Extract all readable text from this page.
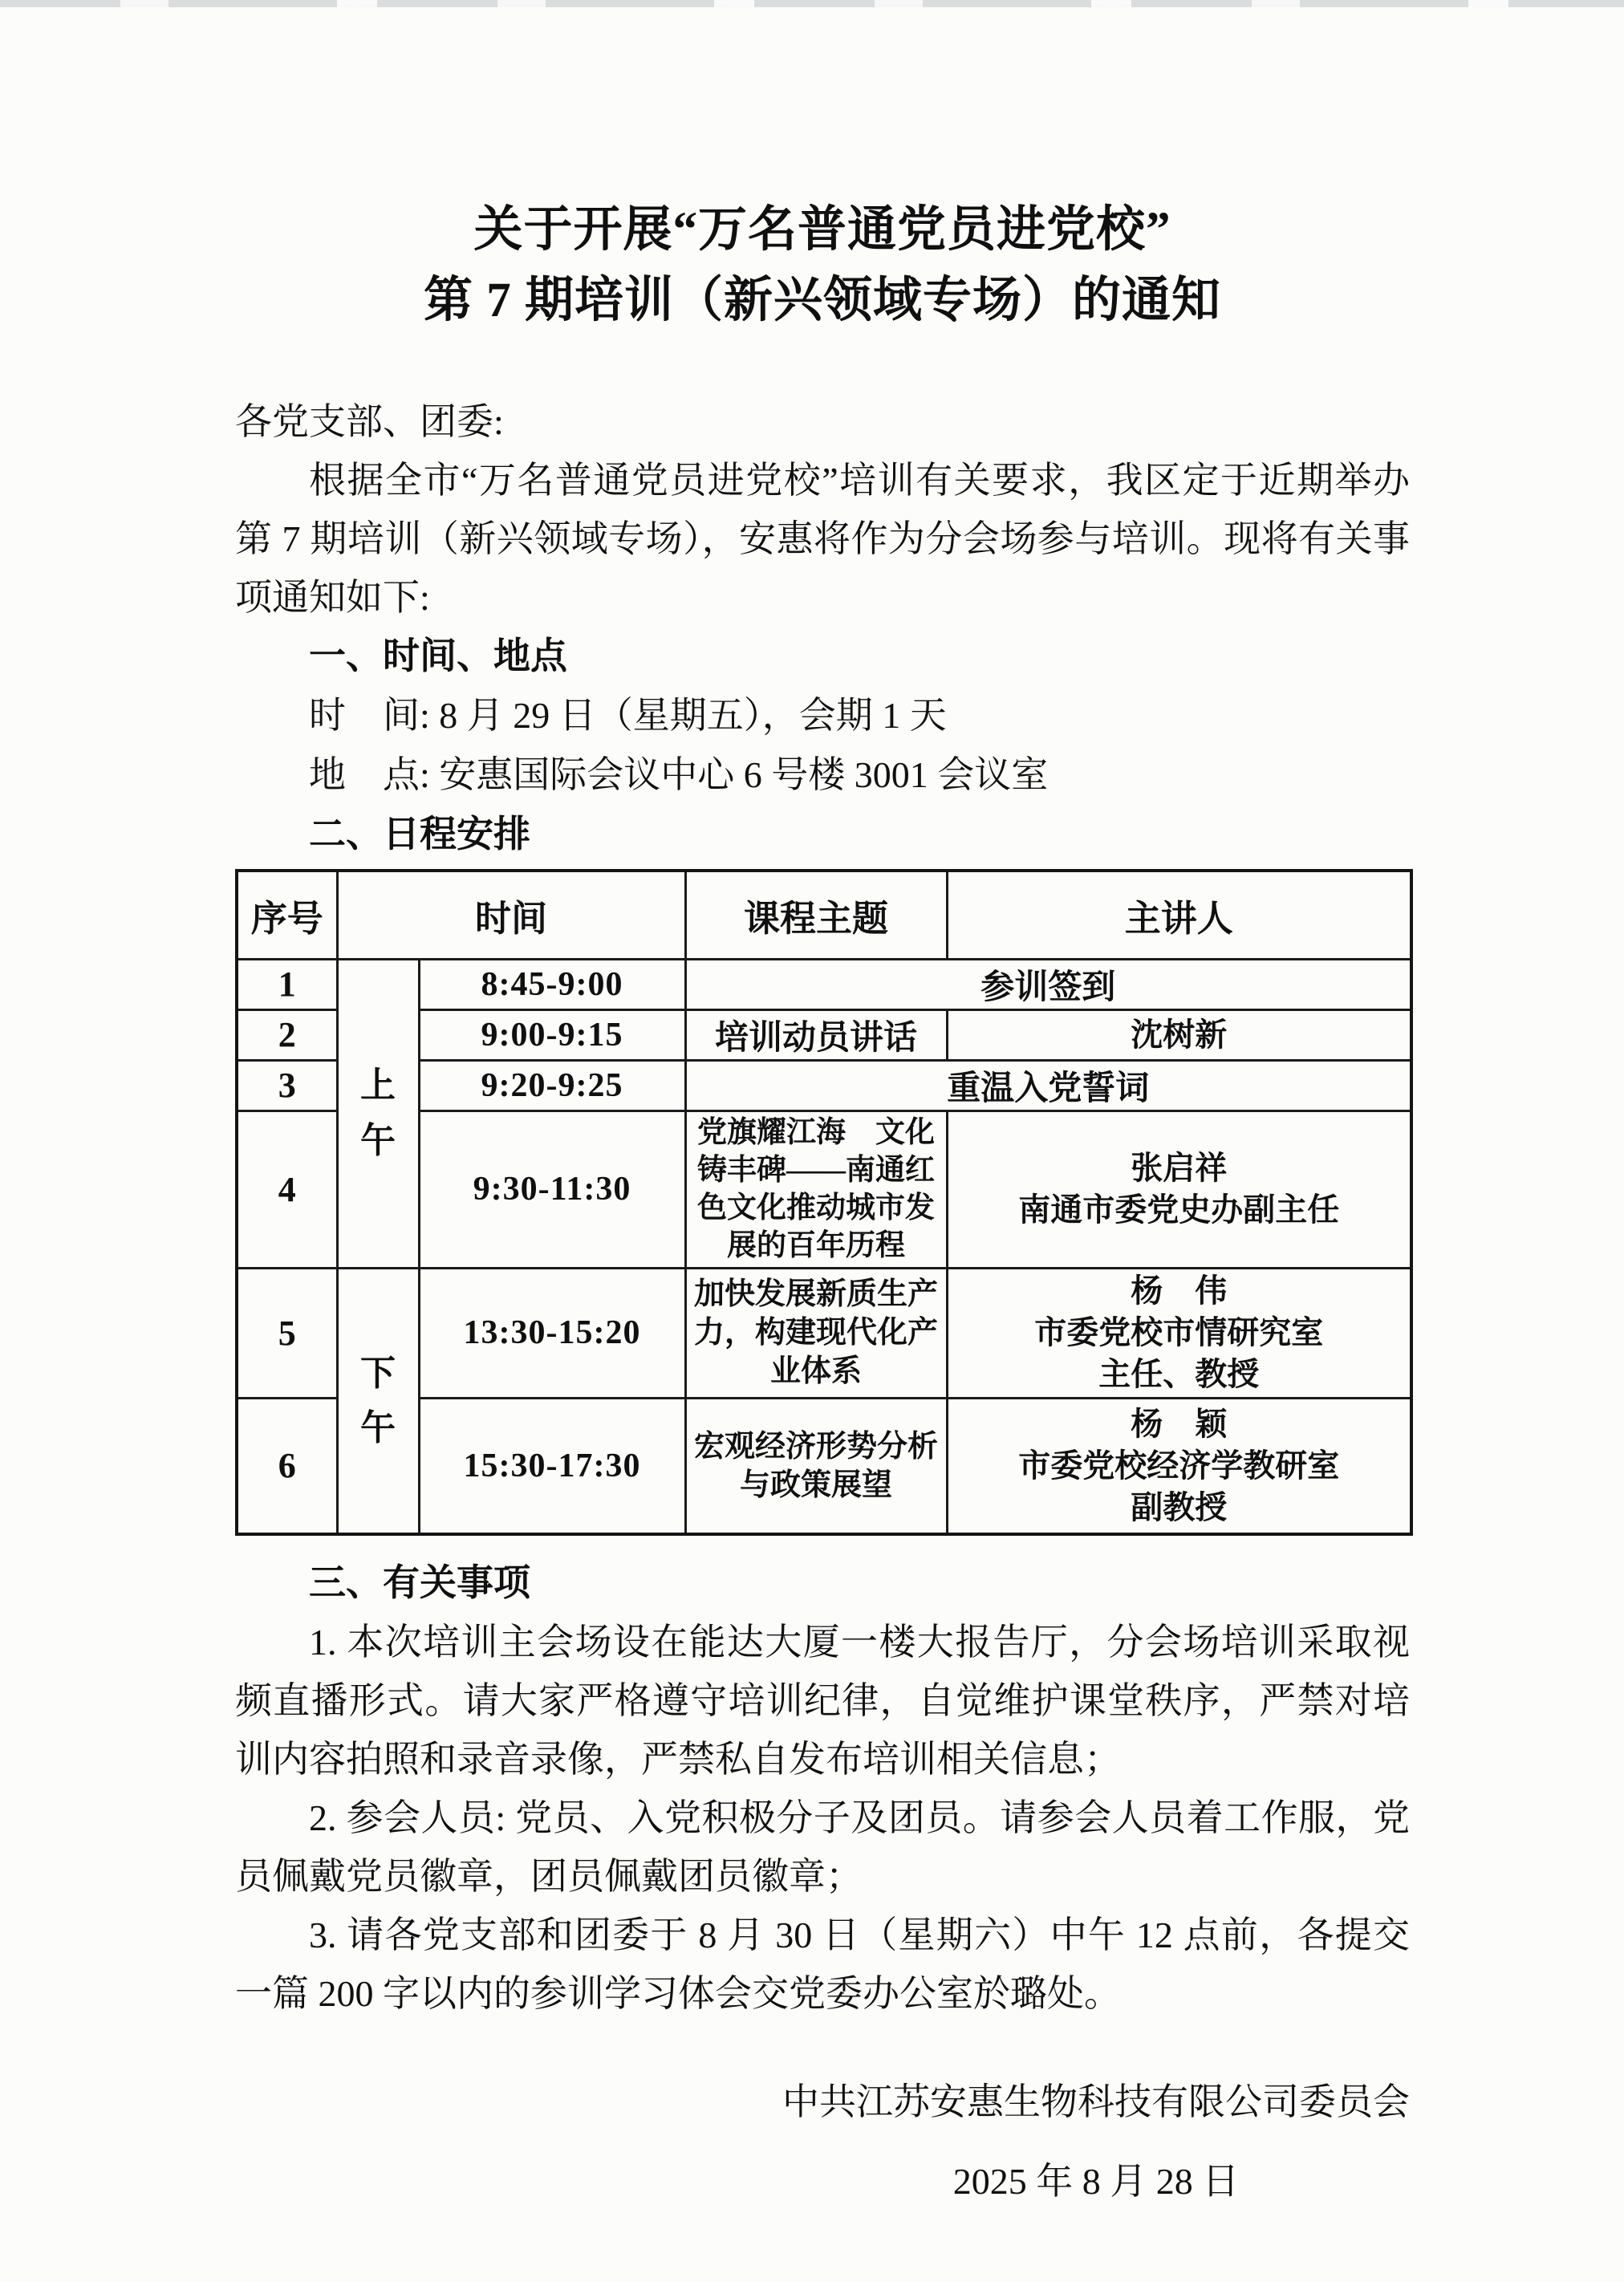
关于开展“万名普通党员进党校”
第 7 期培训（新兴领域专场）的通知
各党支部、团委:

根据全市“万名普通党员进党校”培训有关要求，我区定于近期举办第 7 期培训（新兴领域专场），安惠将作为分会场参与培训。现将有关事项通知如下:

一、时间、地点

时　间: 8 月 29 日（星期五），会期 1 天

地　点: 安惠国际会议中心 6 号楼 3001 会议室

二、日程安排

序号	时间		课程主题	主讲人
1	上午	8:45-9:00	参训签到	
2		9:00-9:15	培训动员讲话	沈树新
3		9:20-9:25	重温入党誓词	
4		9:30-11:30	党旗耀江海　文化铸丰碑——南通红色文化推动城市发展的百年历程	张启祥
南通市委党史办副主任

5	下午	13:30-15:20	加快发展新质生产力，构建现代化产业体系	杨　伟
市委党校市情研究室
主任、教授

6		15:30-17:30	宏观经济形势分析与政策展望	杨　颖
市委党校经济学教研室
副教授

三、有关事项

1. 本次培训主会场设在能达大厦一楼大报告厅，分会场培训采取视频直播形式。请大家严格遵守培训纪律，自觉维护课堂秩序，严禁对培训内容拍照和录音录像，严禁私自发布培训相关信息；

2. 参会人员: 党员、入党积极分子及团员。请参会人员着工作服，党员佩戴党员徽章，团员佩戴团员徽章；

3. 请各党支部和团委于 8 月 30 日（星期六）中午 12 点前，各提交一篇 200 字以内的参训学习体会交党委办公室於璐处。

中共江苏安惠生物科技有限公司委员会
2025 年 8 月 28 日
